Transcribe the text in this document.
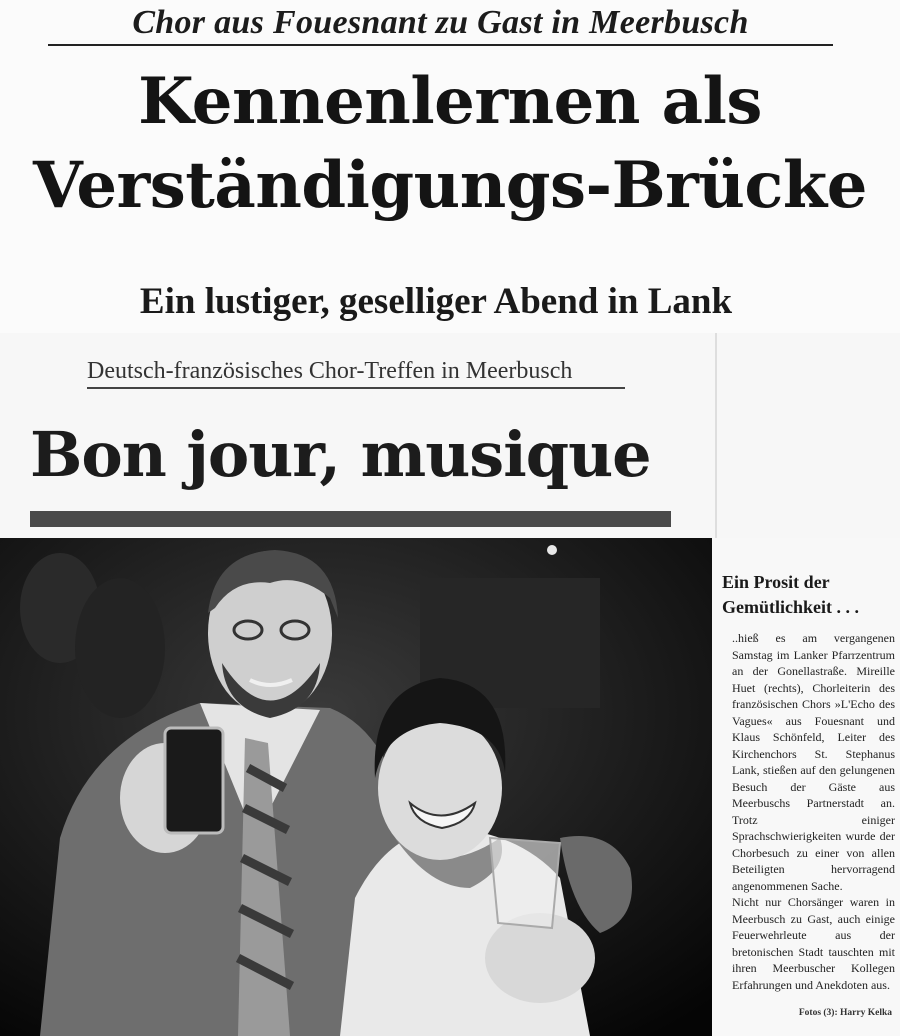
Chor aus Fouesnant zu Gast in Meerbusch
Kennenlernen als
Verständigungs-Brücke
Ein lustiger, geselliger Abend in Lank
Deutsch-französisches Chor-Treffen in Meerbusch
Bon jour, musique
Ein Prosit der Gemütlichkeit . . .

..hieß es am vergangenen Samstag im Lanker Pfarrzentrum an der Gonellastraße. Mireille Huet (rechts), Chorleiterin des französischen Chors »L'Echo des Vagues« aus Fouesnant und Klaus Schönfeld, Leiter des Kirchenchors St. Stephanus Lank, stießen auf den gelungenen Besuch der Gäste aus Meerbuschs Partnerstadt an. Trotz einiger Sprachschwierigkeiten wurde der Chorbesuch zu einer von allen Beteiligten hervorragend angenommenen Sache.

Nicht nur Chorsänger waren in Meerbusch zu Gast, auch einige Feuerwehrleute aus der bretonischen Stadt tauschten mit ihren Meerbuscher Kollegen Erfahrungen und Anekdoten aus.

Fotos (3): Harry Kelka
